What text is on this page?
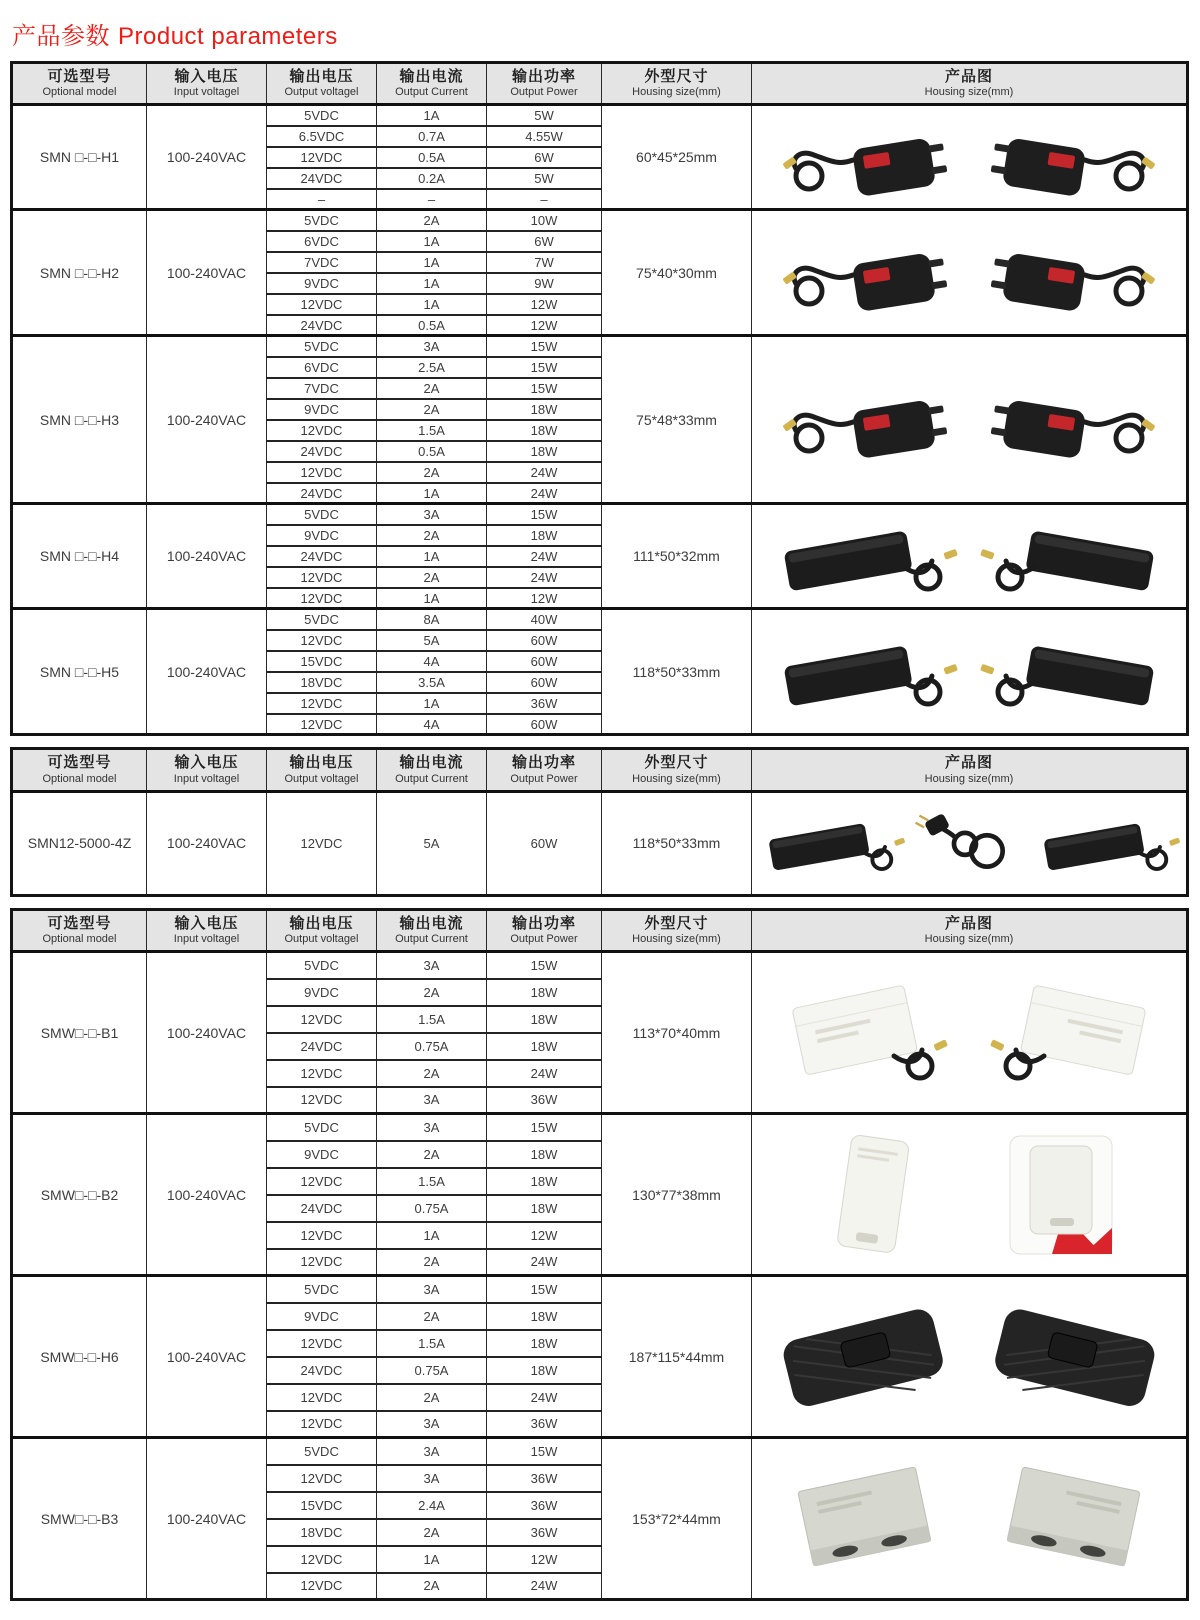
产品参数 Product parameters
可选型号
Optional model

输入电压
Input voltagel

输出电压
Output voltagel

输出电流
Output Current

输出功率
Output Power

外型尺寸
Housing size(mm)

产品图
Housing size(mm)

SMN □-□-H1	100-240VAC	5VDC	1A	5W	60*45*25mm	

		6.5VDC	0.7A	4.55W		
		12VDC	0.5A	6W		
		24VDC	0.2A	5W		
		–	–	–		
SMN □-□-H2	100-240VAC	5VDC	2A	10W	75*40*30mm	

		6VDC	1A	6W		
		7VDC	1A	7W		
		9VDC	1A	9W		
		12VDC	1A	12W		
		24VDC	0.5A	12W		
SMN □-□-H3	100-240VAC	5VDC	3A	15W	75*48*33mm	

		6VDC	2.5A	15W		
		7VDC	2A	15W		
		9VDC	2A	18W		
		12VDC	1.5A	18W		
		24VDC	0.5A	18W		
		12VDC	2A	24W		
		24VDC	1A	24W		
SMN □-□-H4	100-240VAC	5VDC	3A	15W	111*50*32mm	

		9VDC	2A	18W		
		24VDC	1A	24W		
		12VDC	2A	24W		
		12VDC	1A	12W		
SMN □-□-H5	100-240VAC	5VDC	8A	40W	118*50*33mm	

		12VDC	5A	60W		
		15VDC	4A	60W		
		18VDC	3.5A	60W		
		12VDC	1A	36W		
		12VDC	4A	60W		
可选型号
Optional model

输入电压
Input voltagel

输出电压
Output voltagel

输出电流
Output Current

输出功率
Output Power

外型尺寸
Housing size(mm)

产品图
Housing size(mm)

SMN12-5000-4Z	100-240VAC	12VDC	5A	60W	118*50*33mm	
可选型号
Optional model

输入电压
Input voltagel

输出电压
Output voltagel

输出电流
Output Current

输出功率
Output Power

外型尺寸
Housing size(mm)

产品图
Housing size(mm)

SMW□-□-B1	100-240VAC	5VDC	3A	15W	113*70*40mm	

		9VDC	2A	18W		
		12VDC	1.5A	18W		
		24VDC	0.75A	18W		
		12VDC	2A	24W		
		12VDC	3A	36W		
SMW□-□-B2	100-240VAC	5VDC	3A	15W	130*77*38mm	

		9VDC	2A	18W		
		12VDC	1.5A	18W		
		24VDC	0.75A	18W		
		12VDC	1A	12W		
		12VDC	2A	24W		
SMW□-□-H6	100-240VAC	5VDC	3A	15W	187*115*44mm	

		9VDC	2A	18W		
		12VDC	1.5A	18W		
		24VDC	0.75A	18W		
		12VDC	2A	24W		
		12VDC	3A	36W		
SMW□-□-B3	100-240VAC	5VDC	3A	15W	153*72*44mm	

		12VDC	3A	36W		
		15VDC	2.4A	36W		
		18VDC	2A	36W		
		12VDC	1A	12W		
		12VDC	2A	24W		
